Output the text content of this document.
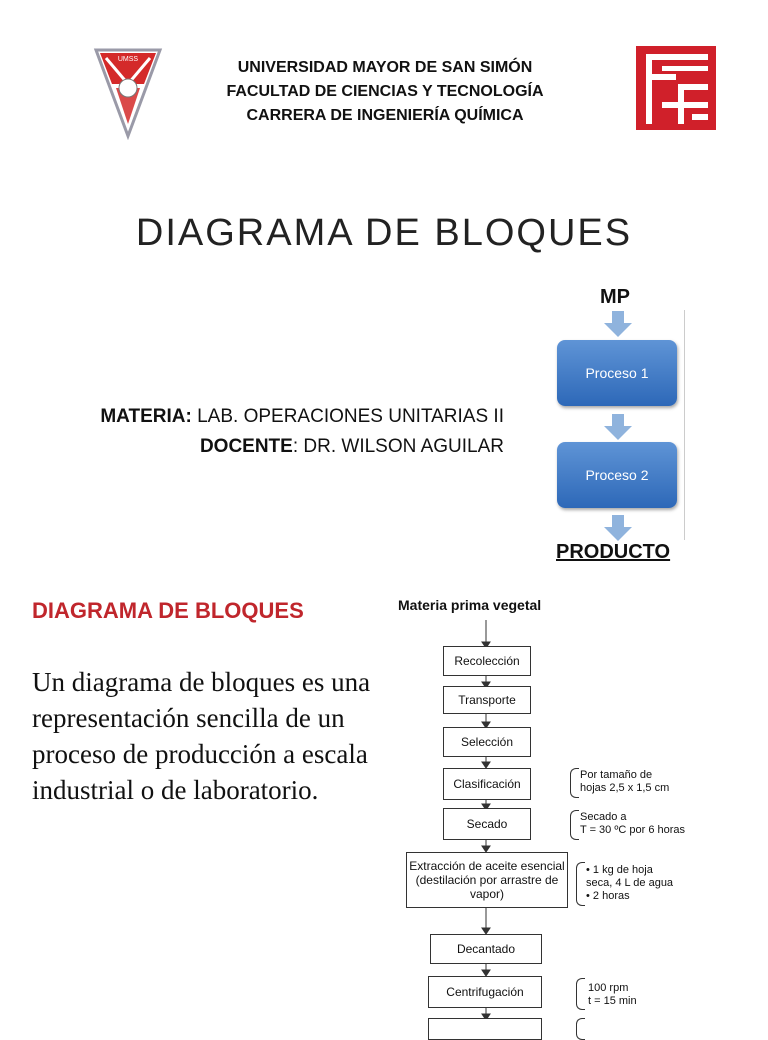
UMSS	UNIVERSIDAD MAYOR DE SAN SIMÓN
FACULTAD DE CIENCIAS Y TECNOLOGÍA
CARRERA DE INGENIERÍA QUÍMICA
DIAGRAMA DE BLOQUES
MATERIA: LAB. OPERACIONES UNITARIAS II
DOCENTE: DR. WILSON AGUILAR
MP
Proceso 1
Proceso 2
PRODUCTO
DIAGRAMA DE BLOQUES
Un diagrama de bloques es una representación sencilla de un proceso de producción a escala industrial o de laboratorio.
Materia prima vegetal
Recolección
Transporte
Selección
Clasificación
Secado
Extracción de aceite esencial (destilación por arrastre de vapor)
Decantado
Centrifugación
Por tamaño de
hojas 2,5 x 1,5 cm
Secado a
T = 30 ºC por 6 horas
• 1 kg de hoja
seca, 4 L de agua
• 2 horas
100 rpm
t = 15 min
